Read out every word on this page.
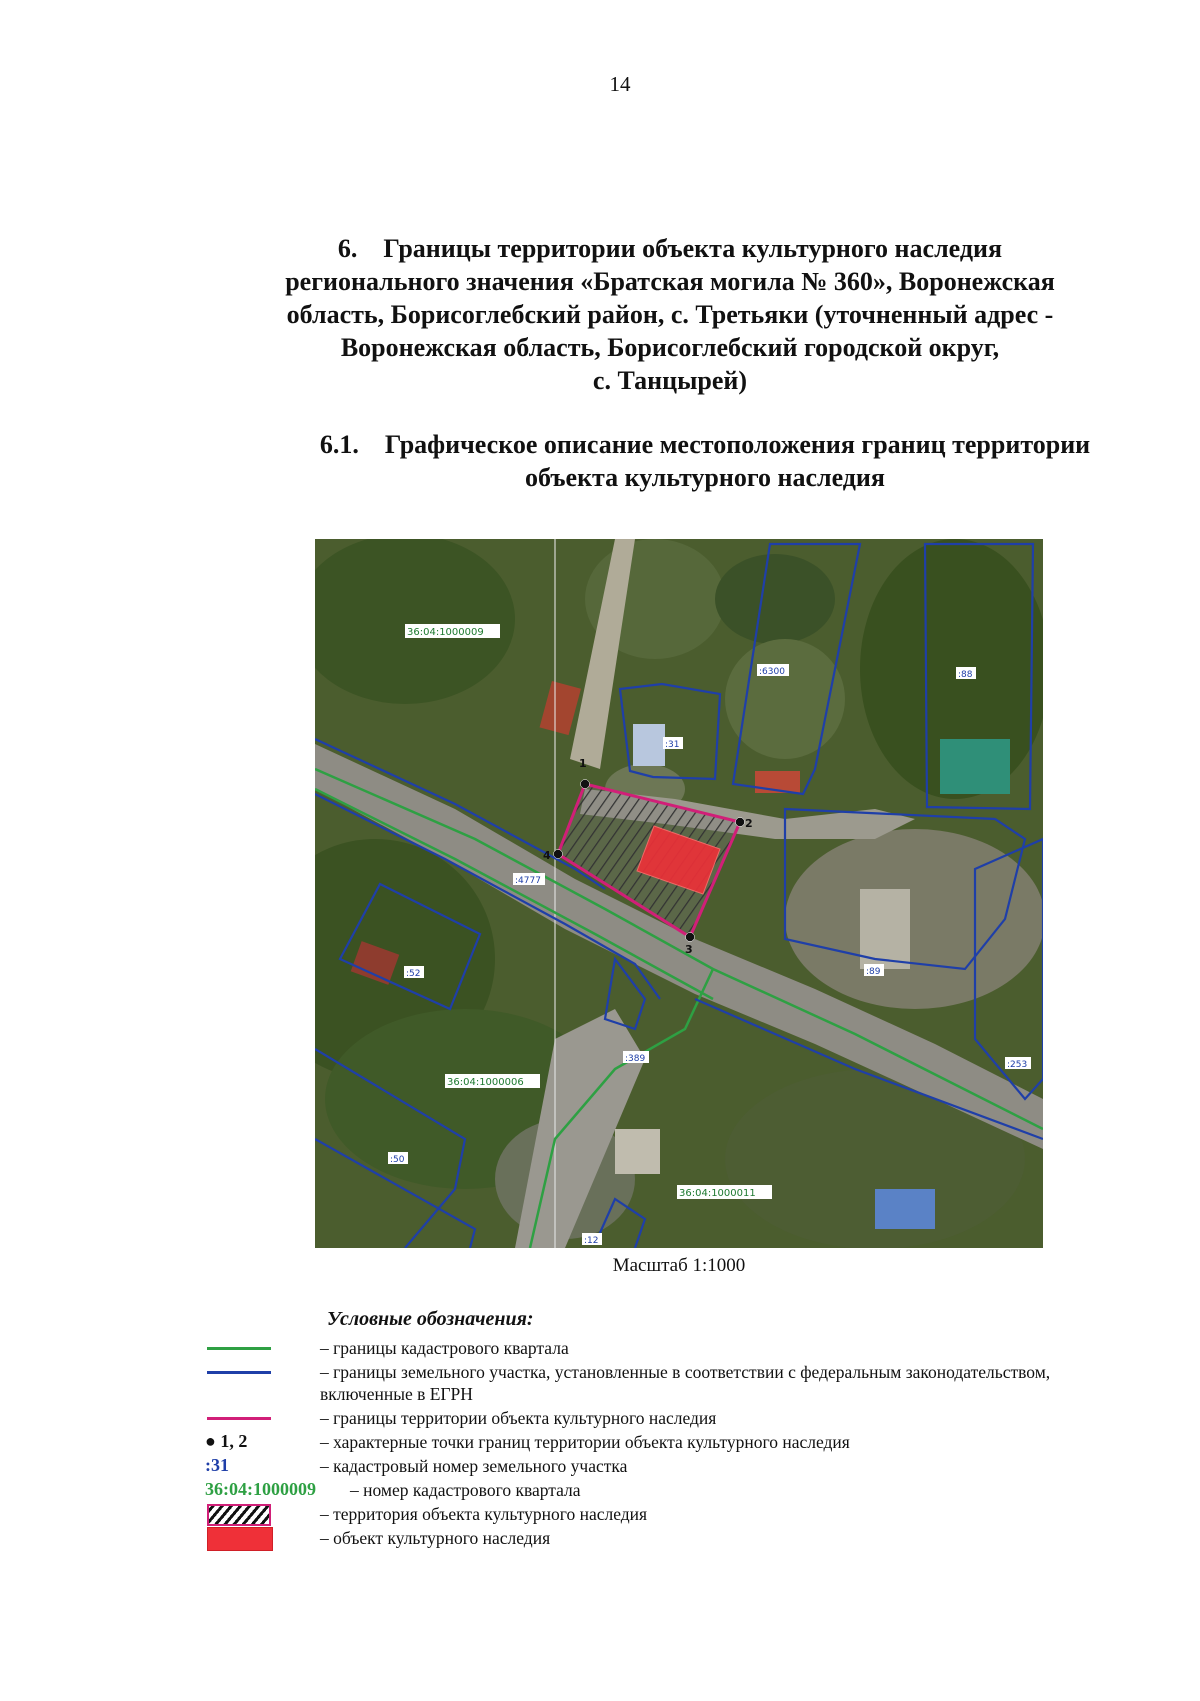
14
6. Границы территории объекта культурного наследия
регионального значения «Братская могила № 360», Воронежская
область, Борисоглебский район, с. Третьяки (уточненный адрес -
Воронежская область, Борисоглебский городской округ,
с. Танцырей)
6.1. Графическое описание местоположения границ территории
объекта культурного наследия
1
2
3
4
36:04:1000009
36:04:1000006
36:04:1000011
:6300	:88
:31
:4777
:52	:89
:389
:253
:50
:12
Масштаб 1:1000
Условные обозначения:
– границы кадастрового квартала
– границы земельного участка, установленные в соответствии с федеральным законодательством, включенные в ЕГРН
– границы территории объекта культурного наследия
● 1, 2	– характерные точки границ территории объекта культурного наследия
:31	– кадастровый номер земельного участка
36:04:1000009	– номер кадастрового квартала
– территория объекта культурного наследия
– объект культурного наследия
